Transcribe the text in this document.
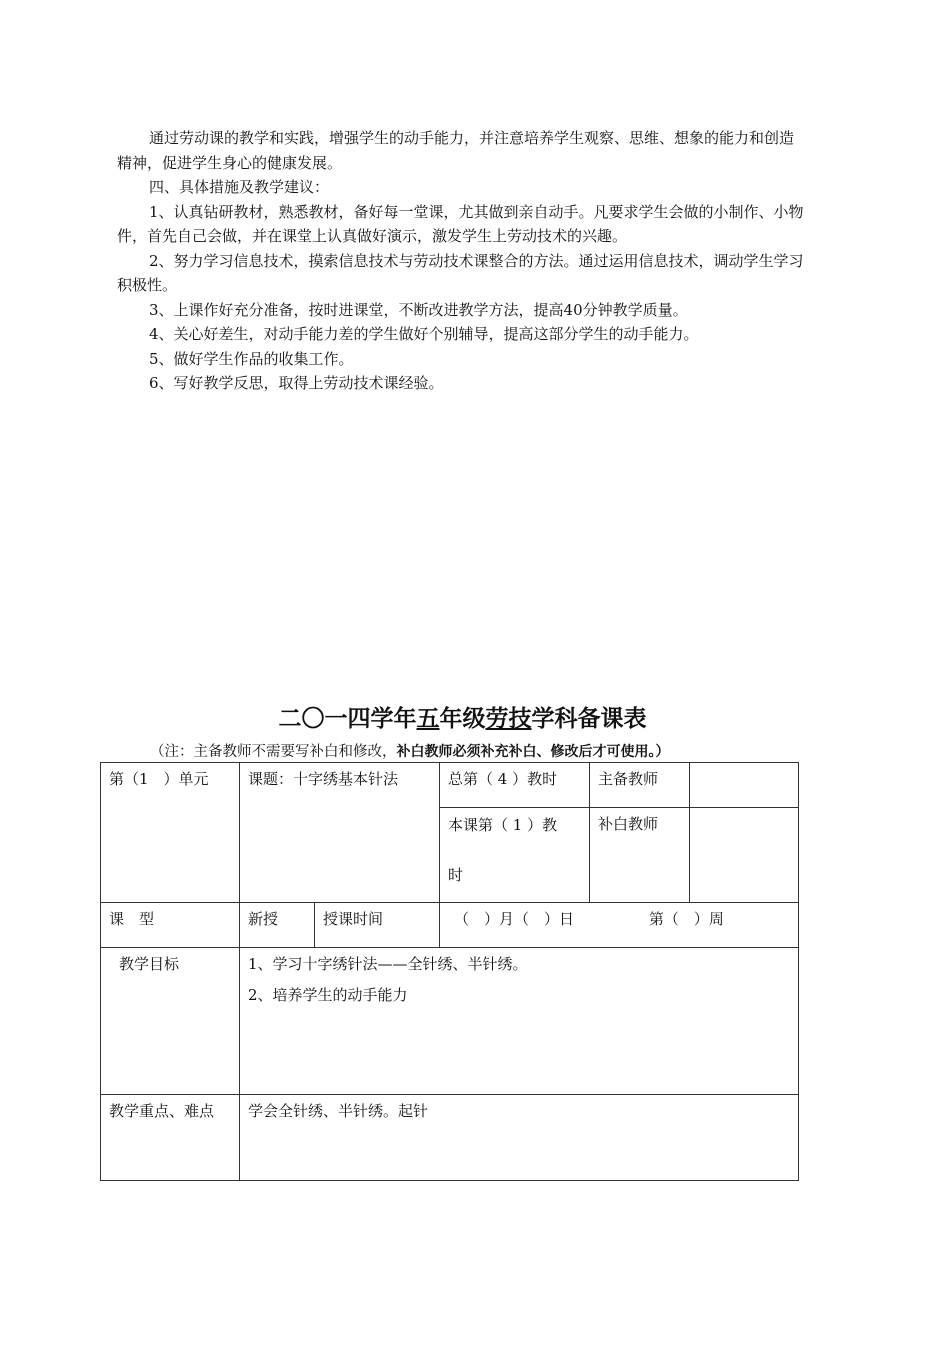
通过劳动课的教学和实践，增强学生的动手能力，并注意培养学生观察、思维、想象的能力和创造精神，促进学生身心的健康发展。

四、具体措施及教学建议：

1、认真钻研教材，熟悉教材，备好每一堂课，尤其做到亲自动手。凡要求学生会做的小制作、小物件，首先自己会做，并在课堂上认真做好演示，激发学生上劳动技术的兴趣。

2、努力学习信息技术，摸索信息技术与劳动技术课整合的方法。通过运用信息技术，调动学生学习积极性。

3、上课作好充分准备，按时进课堂，不断改进教学方法，提高40分钟教学质量。

4、关心好差生，对动手能力差的学生做好个别辅导，提高这部分学生的动手能力。

5、做好学生作品的收集工作。

6、写好教学反思，取得上劳动技术课经验。

二〇一四学年五年级劳技学科备课表
（注：主备教师不需要写补白和修改，补白教师必须补充补白、修改后才可使用。）
第（1　）单元	课题：十字绣基本针法		总第（ 4 ）教时	主备教师	

			本课第（ 1 ）教
时	补白教师	
课　型	新授	授课时间	（　）月（　）日 第（　）周		
教学目标	1、学习十字绣针法——全针绣、半针绣。
2、培养学生的动手能力				

教学重点、难点	学会全针绣、半针绣。起针				
